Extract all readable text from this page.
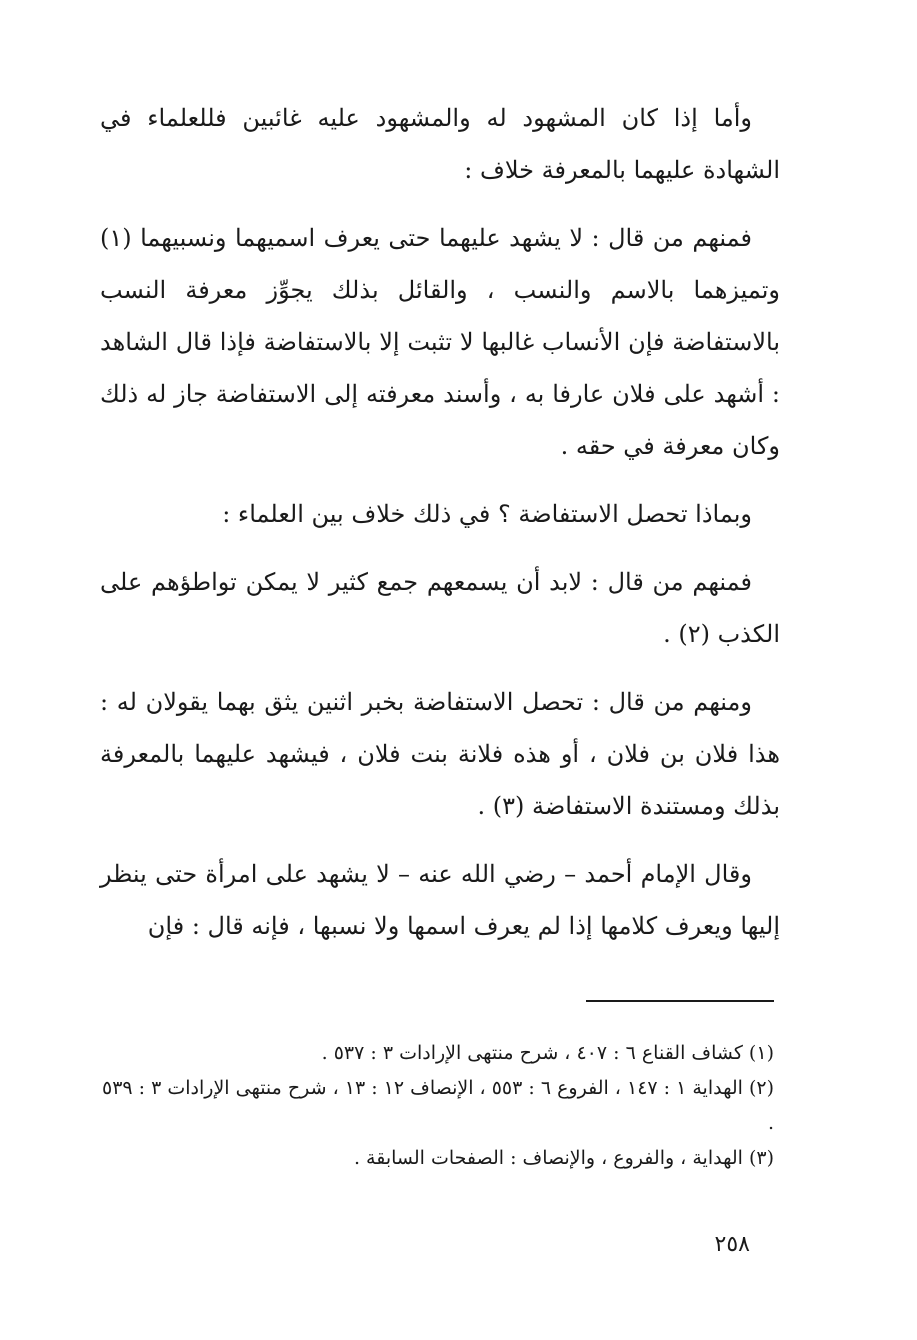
وأما إذا كان المشهود له والمشهود عليه غائبين فللعلماء في الشهادة عليهما بالمعرفة خلاف :

فمنهم من قال : لا يشهد عليهما حتى يعرف اسميهما ونسبيهما (١) وتميزهما بالاسم والنسب ، والقائل بذلك يجوِّز معرفة النسب بالاستفاضة فإن الأنساب غالبها لا تثبت إلا بالاستفاضة فإذا قال الشاهد : أشهد على فلان عارفا به ، وأسند معرفته إلى الاستفاضة جاز له ذلك وكان معرفة في حقه .

وبماذا تحصل الاستفاضة ؟ في ذلك خلاف بين العلماء :

فمنهم من قال : لابد أن يسمعهم جمع كثير لا يمكن تواطؤهم على الكذب (٢) .

ومنهم من قال : تحصل الاستفاضة بخبر اثنين يثق بهما يقولان له : هذا فلان بن فلان ، أو هذه فلانة بنت فلان ، فيشهد عليهما بالمعرفة بذلك ومستندة الاستفاضة (٣) .

وقال الإمام أحمد – رضي الله عنه – لا يشهد على امرأة حتى ينظر إليها ويعرف كلامها إذا لم يعرف اسمها ولا نسبها ، فإنه قال : فإن

(١) كشاف القناع ٦ : ٤٠٧ ، شرح منتهى الإرادات ٣ : ٥٣٧ .

(٢) الهداية ١ : ١٤٧ ، الفروع ٦ : ٥٥٣ ، الإنصاف ١٢ : ١٣ ، شرح منتهى الإرادات ٣ : ٥٣٩ .

(٣) الهداية ، والفروع ، والإنصاف : الصفحات السابقة .

٢٥٨
